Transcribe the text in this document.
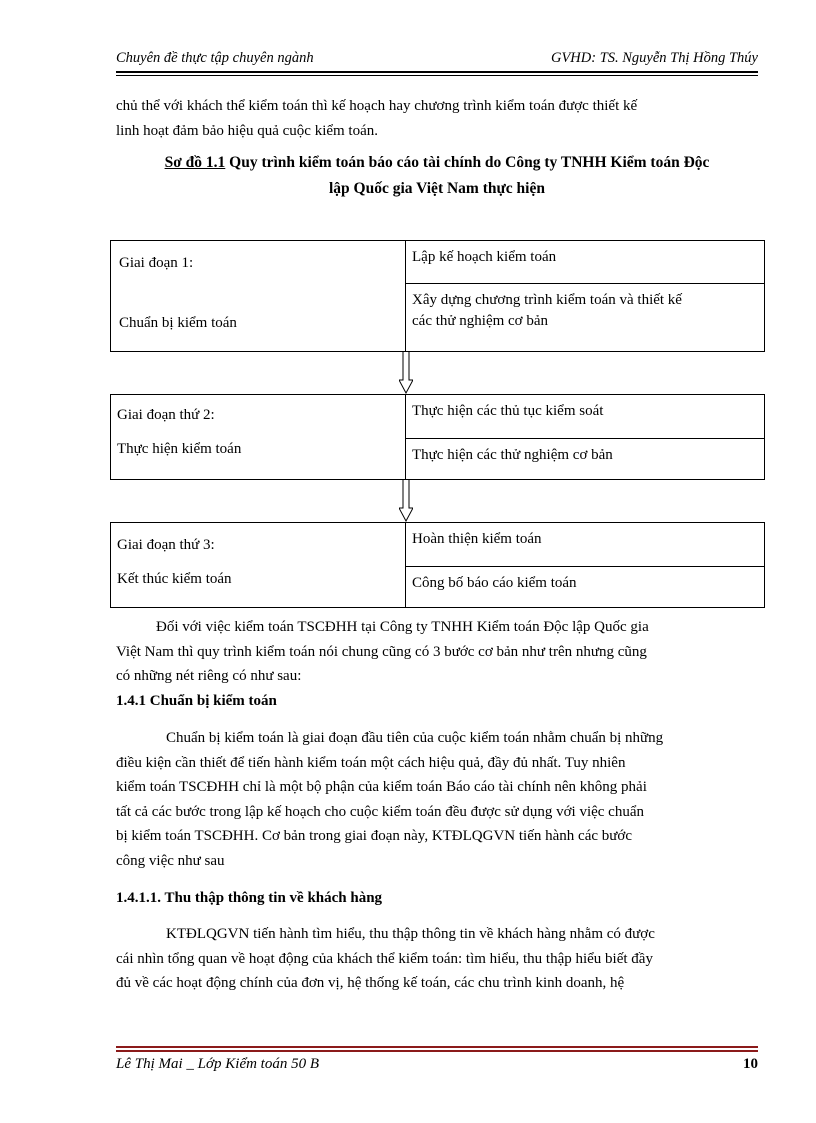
Chuyên đề thực tập chuyên ngành	GVHD: TS. Nguyễn Thị Hồng Thúy
chủ thể với khách thể kiểm toán thì kế hoạch hay chương trình kiểm toán được thiết kế
linh hoạt đảm bảo hiệu quả cuộc kiểm toán.
Sơ đồ 1.1 Quy trình kiểm toán báo cáo tài chính do Công ty TNHH Kiểm toán Độc
lập Quốc gia Việt Nam thực hiện
Giai đoạn 1:
Chuẩn bị kiểm toán
Lập kế hoạch kiểm toán
Xây dựng chương trình kiểm toán và thiết kế
các thử nghiệm cơ bản
Giai đoạn thứ 2:
Thực hiện kiểm toán
Thực hiện các thủ tục kiểm soát
Thực hiện các thử nghiệm cơ bản
Giai đoạn thứ 3:
Kết thúc kiểm toán
Hoàn thiện kiểm toán
Công bố báo cáo kiểm toán
Đối với việc kiểm toán TSCĐHH tại Công ty TNHH Kiểm toán Độc lập Quốc gia
Việt Nam thì quy trình kiểm toán nói chung cũng có 3 bước cơ bản như trên nhưng cũng
có những nét riêng có như sau:
1.4.1 Chuẩn bị kiểm toán
Chuẩn bị kiểm toán là giai đoạn đầu tiên của cuộc kiểm toán nhằm chuẩn bị những
điều kiện cần thiết để tiến hành kiểm toán một cách hiệu quả, đầy đủ nhất. Tuy nhiên
kiểm toán TSCĐHH chỉ là một bộ phận của kiểm toán Báo cáo tài chính nên không phải
tất cả các bước trong lập kế hoạch cho cuộc kiểm toán đều được sử dụng với việc chuẩn
bị kiểm toán TSCĐHH. Cơ bản trong giai đoạn này, KTĐLQGVN tiến hành các bước
công việc như sau
1.4.1.1. Thu thập thông tin về khách hàng
KTĐLQGVN tiến hành tìm hiểu, thu thập thông tin về khách hàng nhằm có được
cái nhìn tổng quan về hoạt động của khách thể kiểm toán: tìm hiểu, thu thập hiểu biết đầy
đủ về các hoạt động chính của đơn vị, hệ thống kế toán, các chu trình kinh doanh, hệ
Lê Thị Mai _ Lớp Kiểm toán 50 B	10
